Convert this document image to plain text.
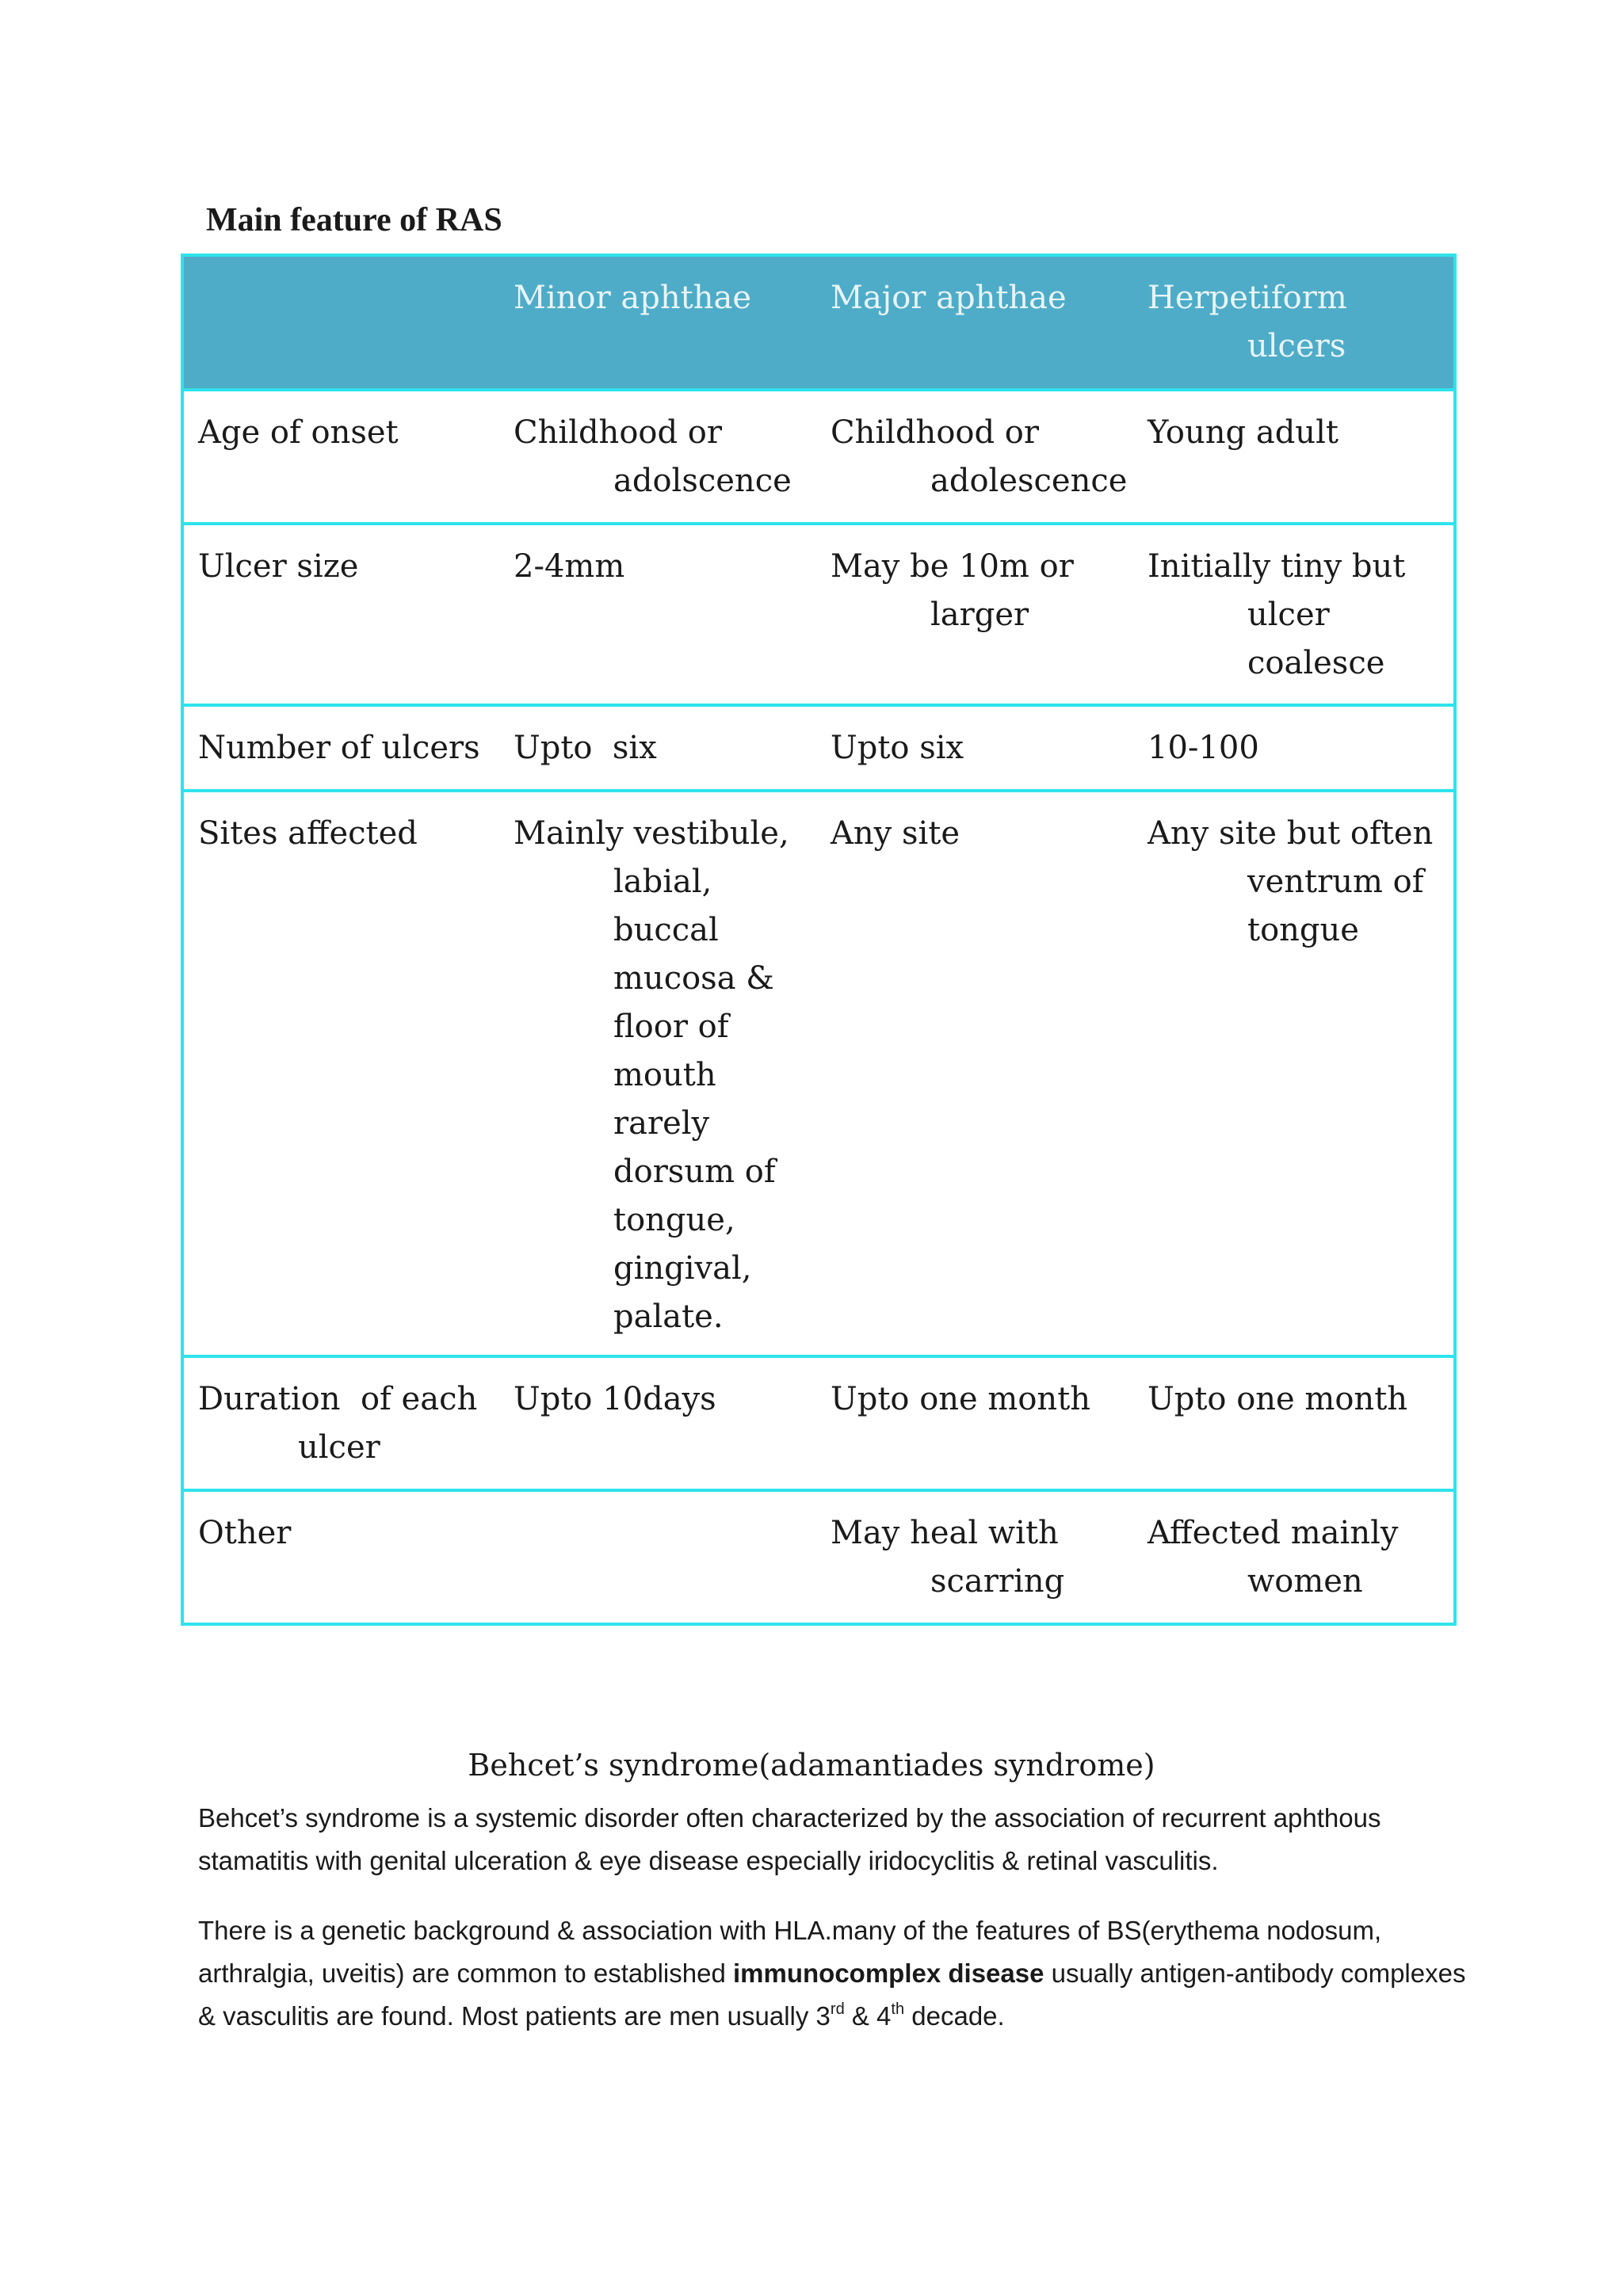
Main feature of RAS

	Minor aphthae	Major aphthae	Herpetiform ulcers

Age of onset	Childhood or adolscence	Childhood or adolescence	Young adult

Ulcer size	2-4mm	May be 10m or larger	Initially tiny but ulcer coalesce

Number of ulcers	Upto  six	Upto six	10-100

Sites affected	Mainly vestibule, labial, buccal mucosa & floor of mouth rarely dorsum of tongue, gingival, palate.	Any site	Any site but often ventrum of tongue

Duration  of each ulcer	Upto 10days	Upto one month	Upto one month

Other		May heal with scarring	Affected mainly women

Behcet’s syndrome(adamantiades syndrome)

Behcet’s syndrome is a systemic disorder often characterized by the association of recurrent aphthous stamatitis with genital ulceration & eye disease especially iridocyclitis & retinal vasculitis.

There is a genetic background & association with HLA.many of the features of BS(erythema nodosum, arthralgia, uveitis) are common to established immunocomplex disease usually antigen-antibody complexes & vasculitis are found. Most patients are men usually 3rd & 4th decade.
